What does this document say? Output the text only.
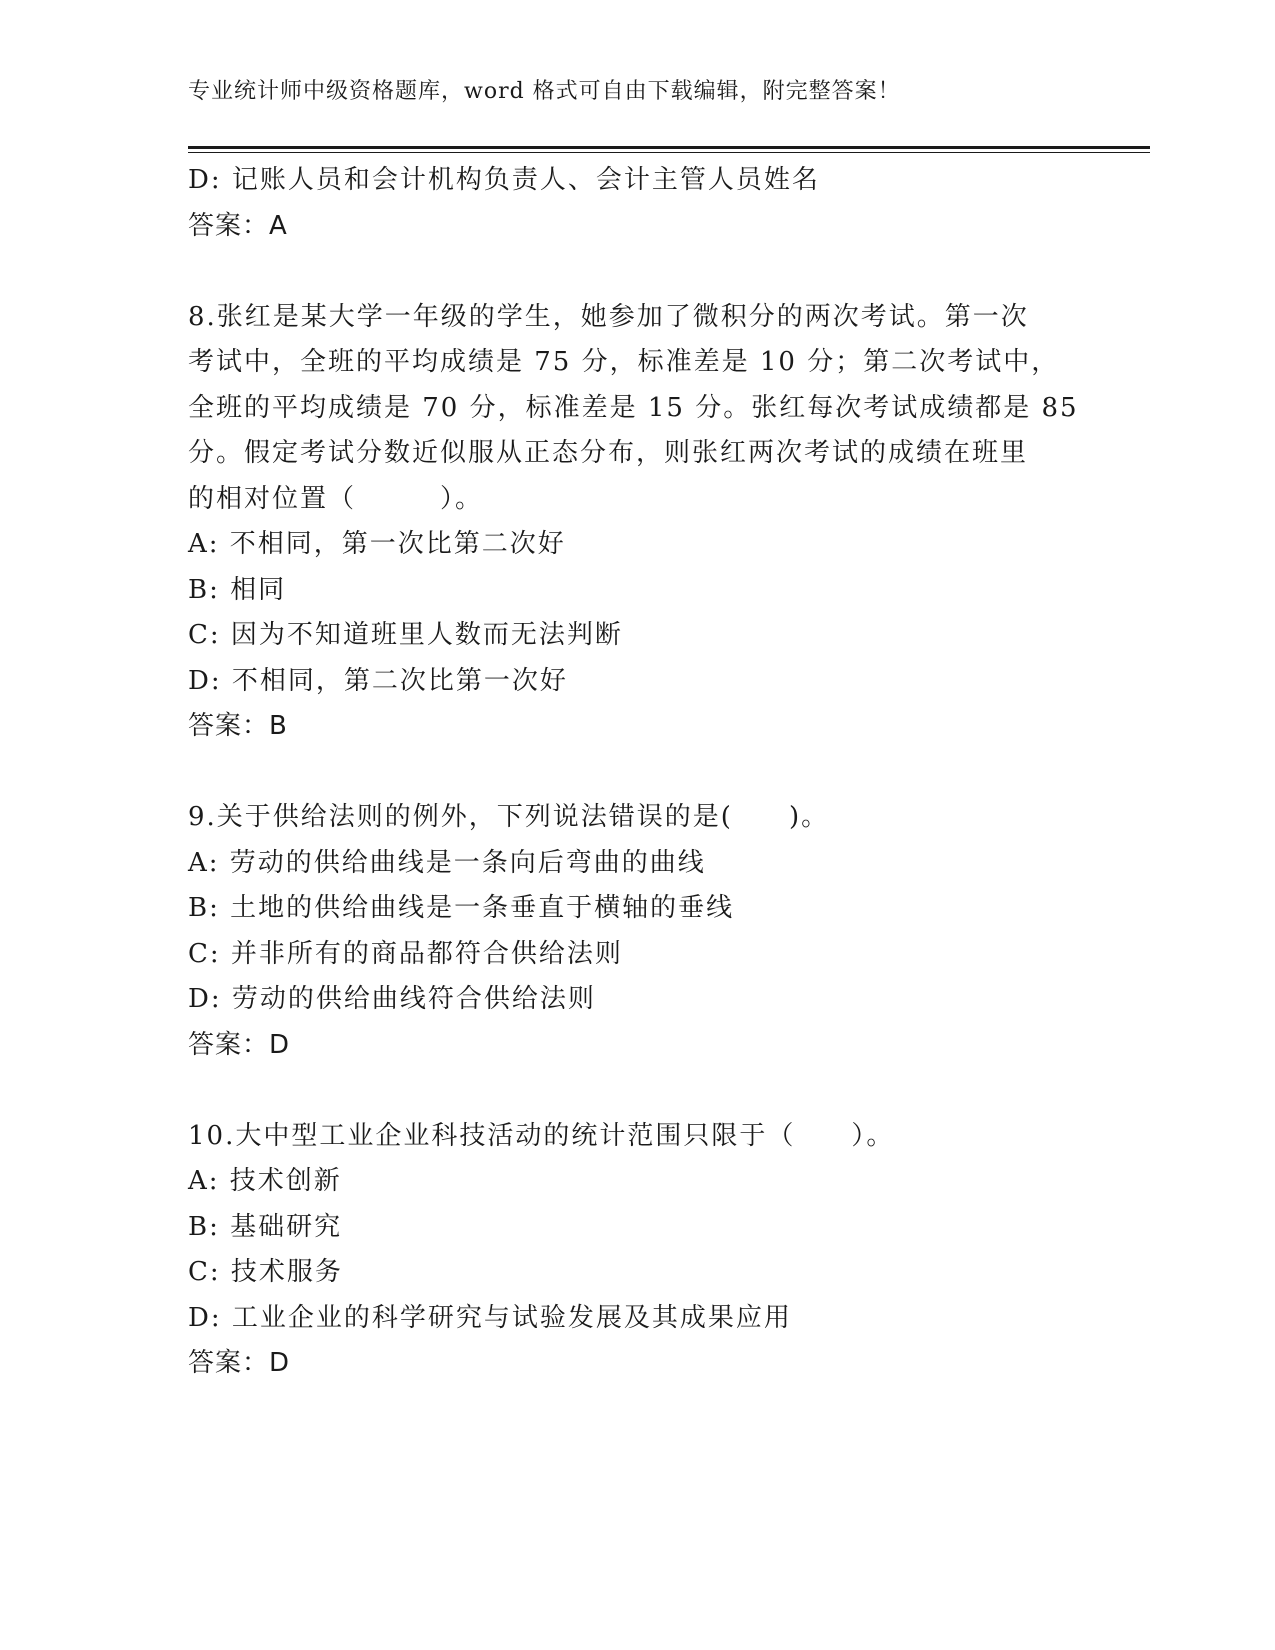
专业统计师中级资格题库，word 格式可自由下载编辑，附完整答案！
D: 记账人员和会计机构负责人、会计主管人员姓名
答案：A
8.张红是某大学一年级的学生，她参加了微积分的两次考试。第一次
考试中，全班的平均成绩是 75 分，标准差是 10 分；第二次考试中，
全班的平均成绩是 70 分，标准差是 15 分。张红每次考试成绩都是 85
分。假定考试分数近似服从正态分布，则张红两次考试的成绩在班里
的相对位置（　　　）。
A: 不相同，第一次比第二次好
B: 相同
C: 因为不知道班里人数而无法判断
D: 不相同，第二次比第一次好
答案：B
9.关于供给法则的例外，下列说法错误的是(　　)。
A: 劳动的供给曲线是一条向后弯曲的曲线
B: 土地的供给曲线是一条垂直于横轴的垂线
C: 并非所有的商品都符合供给法则
D: 劳动的供给曲线符合供给法则
答案：D
10.大中型工业企业科技活动的统计范围只限于（　　）。
A: 技术创新
B: 基础研究
C: 技术服务
D: 工业企业的科学研究与试验发展及其成果应用
答案：D
